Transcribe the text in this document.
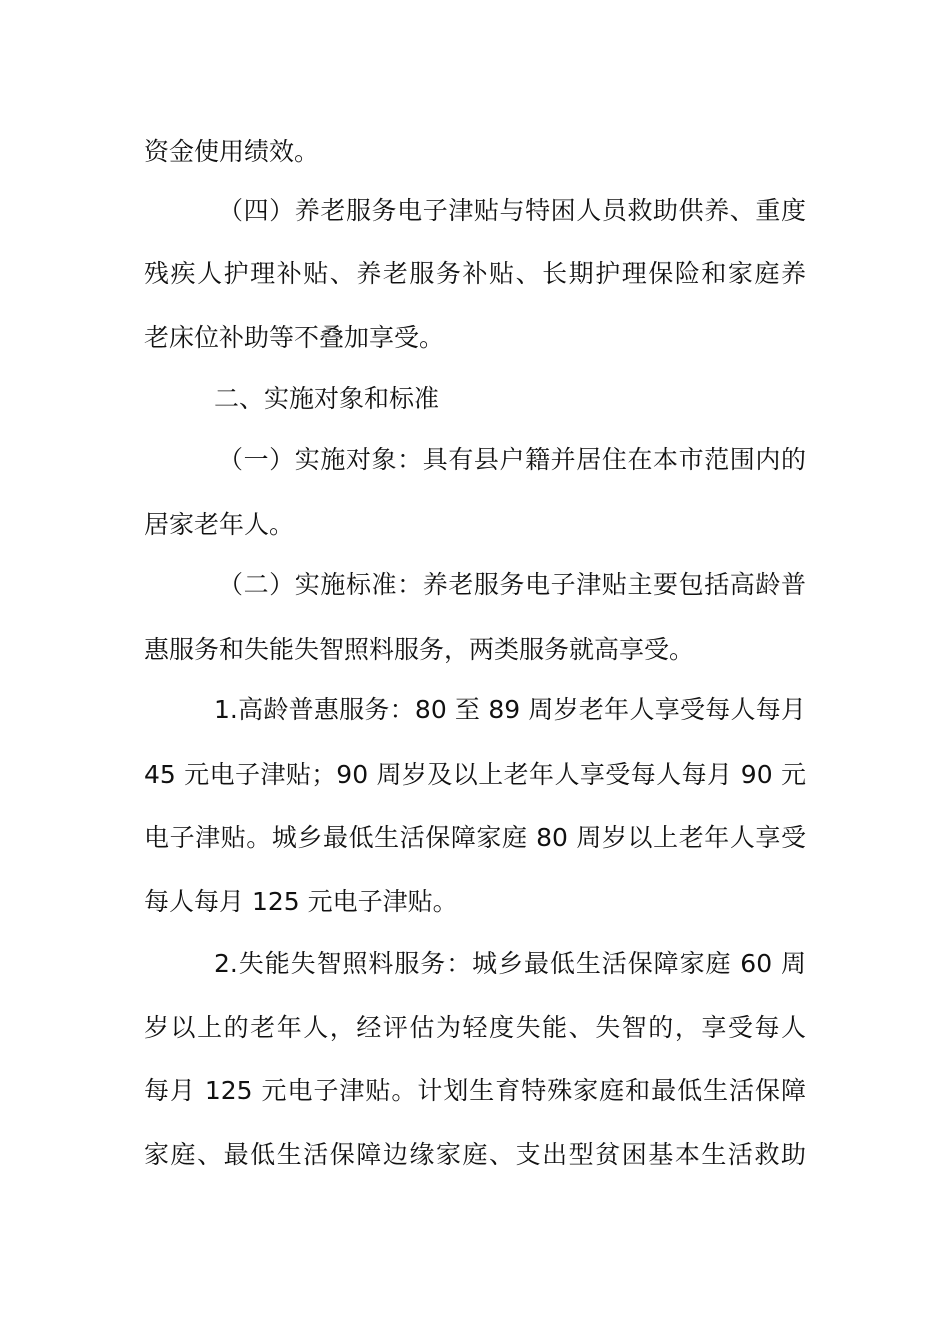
资金使用绩效。
（四）养老服务电子津贴与特困人员救助供养、重度
残疾人护理补贴、养老服务补贴、长期护理保险和家庭养
老床位补助等不叠加享受。
二、实施对象和标准
（一）实施对象：具有县户籍并居住在本市范围内的
居家老年人。
（二）实施标准：养老服务电子津贴主要包括高龄普
惠服务和失能失智照料服务，两类服务就高享受。
1.高龄普惠服务：80 至 89 周岁老年人享受每人每月
45 元电子津贴；90 周岁及以上老年人享受每人每月 90 元
电子津贴。城乡最低生活保障家庭 80 周岁以上老年人享受
每人每月 125 元电子津贴。
2.失能失智照料服务：城乡最低生活保障家庭 60 周
岁以上的老年人，经评估为轻度失能、失智的，享受每人
每月 125 元电子津贴。计划生育特殊家庭和最低生活保障
家庭、最低生活保障边缘家庭、支出型贫困基本生活救助
